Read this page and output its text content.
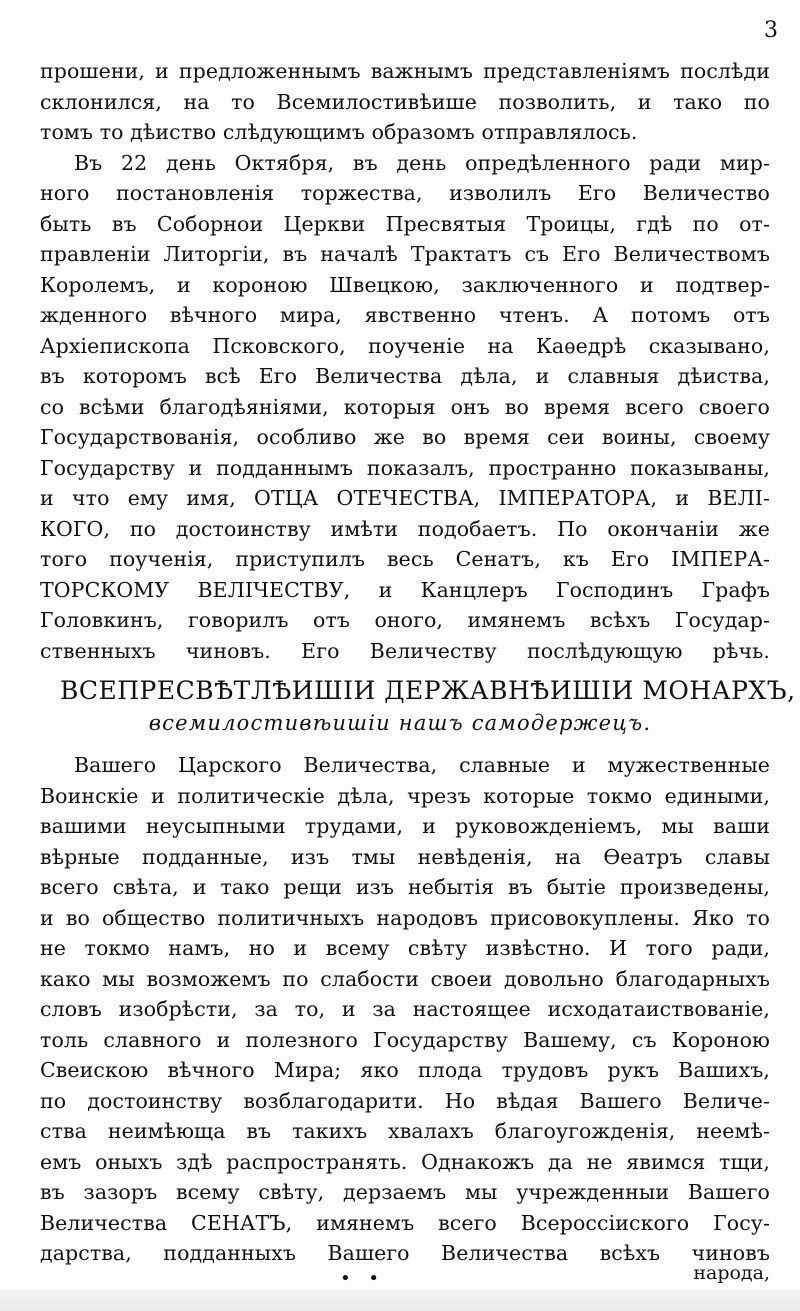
3
прошени, и предложеннымъ важнымъ представленiямъ послѣди
склонился, на то Всемилостивѣише позволить, и тако по
томъ то дѣиство слѣдующимъ образомъ отправлялось.
Въ 22 день Октября, въ день опредѣленного ради мир-
ного постановленiя торжества, изволилъ Его Величество
быть въ Соборнои Церкви Пресвятыя Троицы, гдѣ по от-
правленiи Литоргiи, въ началѣ Трактатъ съ Его Величествомъ
Королемъ, и короною Швецкою, заключенного и подтвер-
жденного вѣчного мира, явственно чтенъ. А потомъ отъ
Архiепископа Псковского, поученiе на Каѳедрѣ сказывано,
въ которомъ всѣ Его Величества дѣла, и славныя дѣиства,
со всѣми благодѣянiями, которыя онъ во время всего своего
Государствованiя, особливо же во время сеи воины, своему
Государству и подданнымъ показалъ, пространно показываны,
и что ему имя, ОТЦА ОТЕЧЕСТВА, IМПЕРАТОРА, и ВЕЛI-
КОГО, по достоинству имѣти подобаетъ. По окончанiи же
того поученiя, приступилъ весь Сенатъ, къ Его IМПЕРА-
ТОРСКОМУ ВЕЛIЧЕСТВУ, и Канцлеръ Господинъ Графъ
Головкинъ, говорилъ отъ оного, имянемъ всѣхъ Государ-
ственныхъ чиновъ. Его Величеству послѣдующую рѣчь.
ВСЕПРЕСВѢТЛѢИШIИ ДЕРЖАВНѢИШIИ МОНАРХЪ,
всемилостивѣишiи нашъ самодержецъ.
Вашего Царского Величества, славные и мужественные
Воинскiе и политическiе дѣла, чрезъ которые токмо едиными,
вашими неусыпными трудами, и руковожденiемъ, мы ваши
вѣрные подданные, изъ тмы невѣденiя, на Ѳеатръ славы
всего свѣта, и тако рещи изъ небытiя въ бытiе произведены,
и во общество политичныхъ народовъ присовокуплены. Яко то
не токмо намъ, но и всему свѣту извѣстно. И того ради,
како мы возможемъ по слабости своеи довольно благодарныхъ
словъ изобрѣсти, за то, и за настоящее исходатаиствованiе,
толь славного и полезного Государству Вашему, съ Короною
Свеискою вѣчного Мира; яко плода трудовъ рукъ Вашихъ,
по достоинству возблагодарити. Но вѣдая Вашего Величе-
ства неимѣюща въ такихъ хвалахъ благоугожденiя, неемѣ-
емъ оныхъ здѣ распространять. Однакожъ да не явимся тщи,
въ зазоръ всему свѣту, дерзаемъ мы учрежденныи Вашего
Величества СЕНАТЪ, имянемъ всего Всероссiиского Госу-
дарства, подданныхъ Вашего Величества всѣхъ чиновъ
• •	народа,
